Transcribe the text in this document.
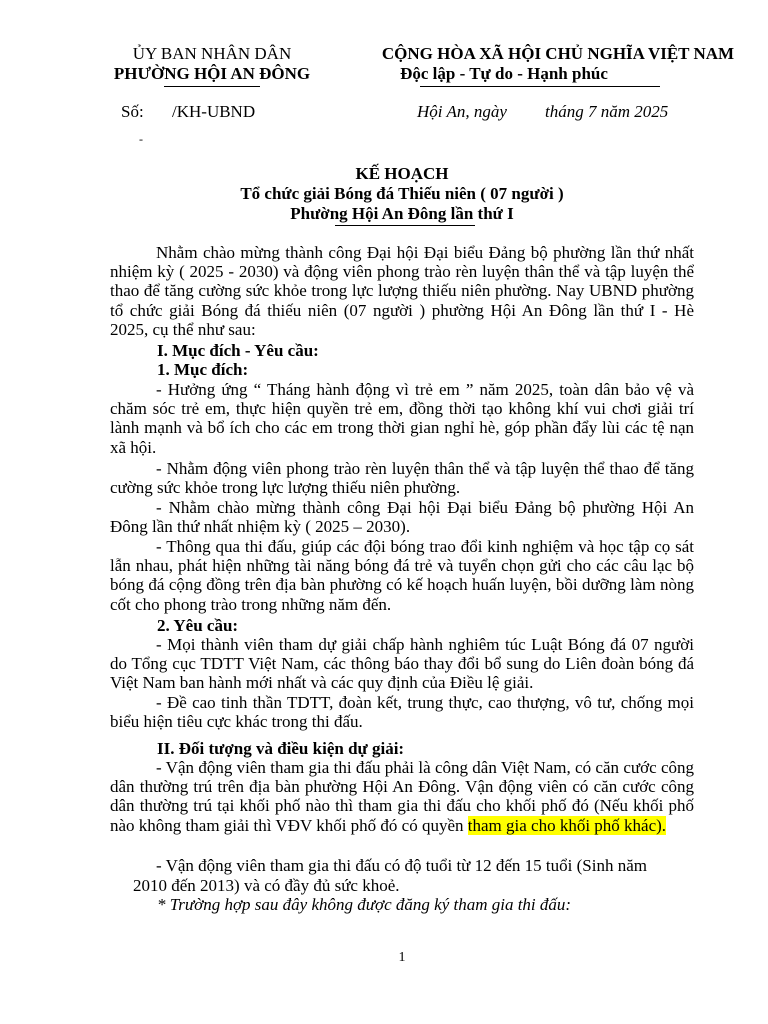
ỦY BAN NHÂN DÂN
PHƯỜNG HỘI AN ĐÔNG
CỘNG HÒA XÃ HỘI CHỦ NGHĨA VIỆT NAM
Độc lập - Tự do - Hạnh phúc
Số: /KH-UBND	Hội An, ngày tháng 7 năm 2025
-
KẾ HOẠCH
Tổ chức giải Bóng đá Thiếu niên ( 07 người )
Phường Hội An Đông lần thứ I
Nhằm chào mừng thành công Đại hội Đại biểu Đảng bộ phường lần thứ nhất nhiệm kỳ ( 2025 - 2030) và động viên phong trào rèn luyện thân thể và tập luyện thể thao để tăng cường sức khỏe trong lực lượng thiếu niên phường. Nay UBND phường tổ chức giải Bóng đá thiếu niên (07 người ) phường Hội An Đông lần thứ I - Hè 2025, cụ thể như sau:
I. Mục đích - Yêu cầu:
1. Mục đích:
- Hưởng ứng “ Tháng hành động vì trẻ em ” năm 2025, toàn dân bảo vệ và chăm sóc trẻ em, thực hiện quyền trẻ em, đồng thời tạo không khí vui chơi giải trí lành mạnh và bổ ích cho các em trong thời gian nghỉ hè, góp phần đẩy lùi các tệ nạn xã hội.
- Nhằm động viên phong trào rèn luyện thân thể và tập luyện thể thao để tăng cường sức khỏe trong lực lượng thiếu niên phường.
- Nhằm chào mừng thành công Đại hội Đại biểu Đảng bộ phường Hội An Đông lần thứ nhất nhiệm kỳ ( 2025 – 2030).
- Thông qua thi đấu, giúp các đội bóng trao đổi kinh nghiệm và học tập cọ sát lẫn nhau, phát hiện những tài năng bóng đá trẻ và tuyển chọn gửi cho các câu lạc bộ bóng đá cộng đồng trên địa bàn phường có kế hoạch huấn luyện, bồi dưỡng làm nòng cốt cho phong trào trong những năm đến.
2. Yêu cầu:
- Mọi thành viên tham dự giải chấp hành nghiêm túc Luật Bóng đá 07 người do Tổng cục TDTT Việt Nam, các thông báo thay đổi bổ sung do Liên đoàn bóng đá Việt Nam ban hành mới nhất và các quy định của Điều lệ giải.
- Đề cao tinh thần TDTT, đoàn kết, trung thực, cao thượng, vô tư, chống mọi biểu hiện tiêu cực khác trong thi đấu.
II. Đối tượng và điều kiện dự giải:
- Vận động viên tham gia thi đấu phải là công dân Việt Nam, có căn cước công dân thường trú trên địa bàn phường Hội An Đông. Vận động viên có căn cước công dân thường trú tại khối phố nào thì tham gia thi đấu cho khối phố đó (Nếu khối phố nào không tham giải thì VĐV khối phố đó có quyền tham gia cho khối phố khác).
- Vận động viên tham gia thi đấu có độ tuổi từ 12 đến 15 tuổi (Sinh năm
2010 đến 2013) và có đầy đủ sức khoẻ.
* Trường hợp sau đây không được đăng ký tham gia thi đấu:
1
